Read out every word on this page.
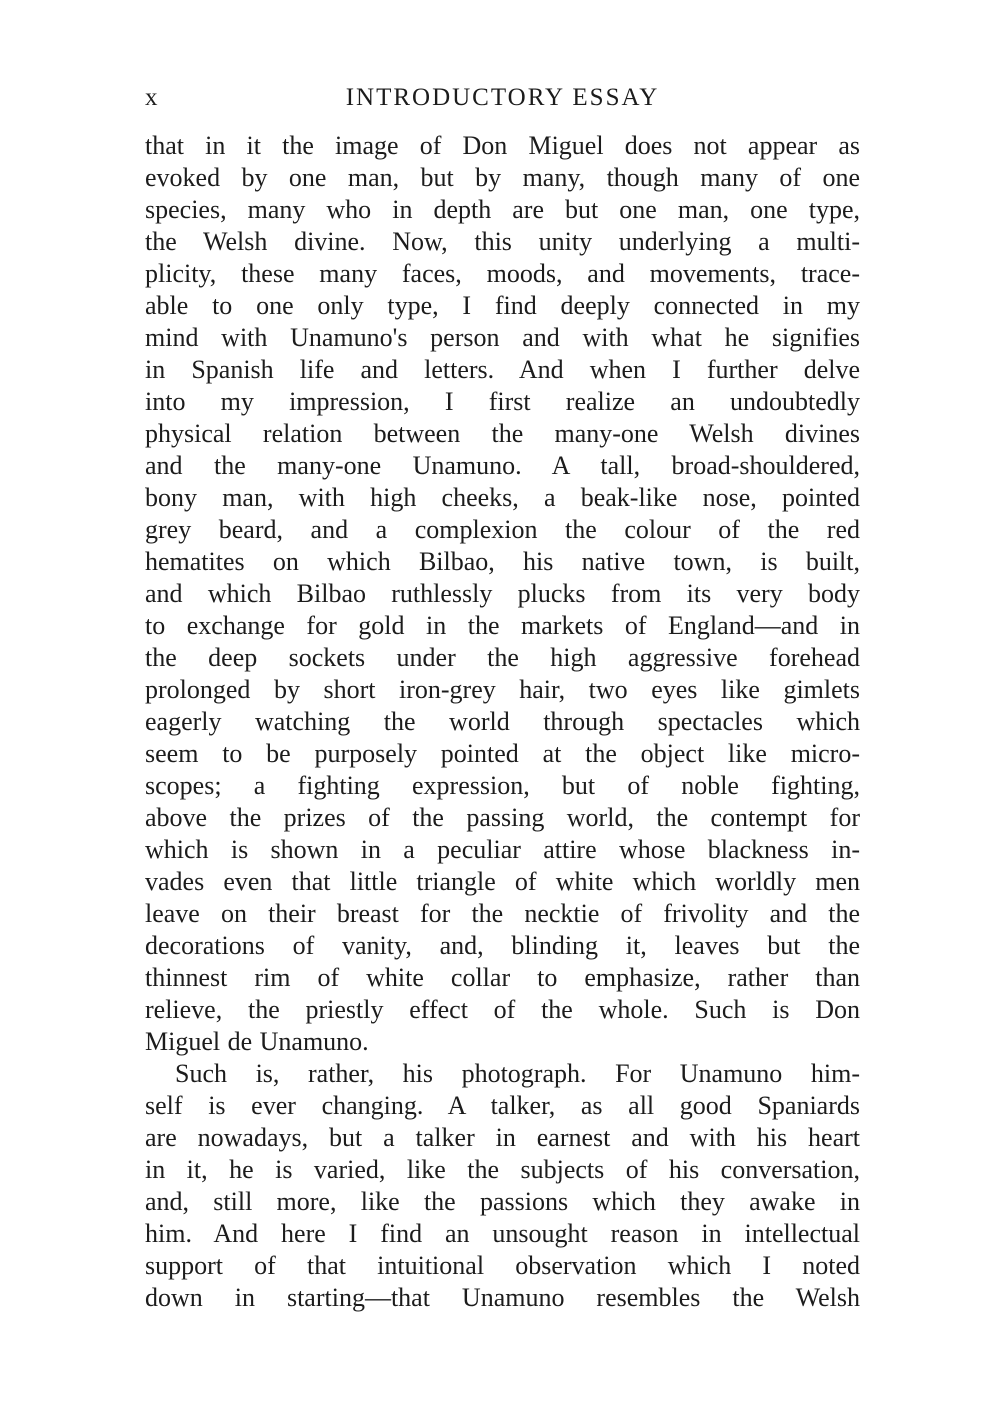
x	INTRODUCTORY ESSAY
that in it the image of Don Miguel does not appear as
evoked by one man, but by many, though many of one
species, many who in depth are but one man, one type,
the Welsh divine. Now, this unity underlying a multi-
plicity, these many faces, moods, and movements, trace-
able to one only type, I find deeply connected in my
mind with Unamuno's person and with what he signifies
in Spanish life and letters. And when I further delve
into my impression, I first realize an undoubtedly
physical relation between the many-one Welsh divines
and the many-one Unamuno. A tall, broad-shouldered,
bony man, with high cheeks, a beak-like nose, pointed
grey beard, and a complexion the colour of the red
hematites on which Bilbao, his native town, is built,
and which Bilbao ruthlessly plucks from its very body
to exchange for gold in the markets of England—and in
the deep sockets under the high aggressive forehead
prolonged by short iron-grey hair, two eyes like gimlets
eagerly watching the world through spectacles which
seem to be purposely pointed at the object like micro-
scopes; a fighting expression, but of noble fighting,
above the prizes of the passing world, the contempt for
which is shown in a peculiar attire whose blackness in-
vades even that little triangle of white which worldly men
leave on their breast for the necktie of frivolity and the
decorations of vanity, and, blinding it, leaves but the
thinnest rim of white collar to emphasize, rather than
relieve, the priestly effect of the whole. Such is Don
Miguel de Unamuno.
Such is, rather, his photograph. For Unamuno him-
self is ever changing. A talker, as all good Spaniards
are nowadays, but a talker in earnest and with his heart
in it, he is varied, like the subjects of his conversation,
and, still more, like the passions which they awake in
him. And here I find an unsought reason in intellectual
support of that intuitional observation which I noted
down in starting—that Unamuno resembles the Welsh
